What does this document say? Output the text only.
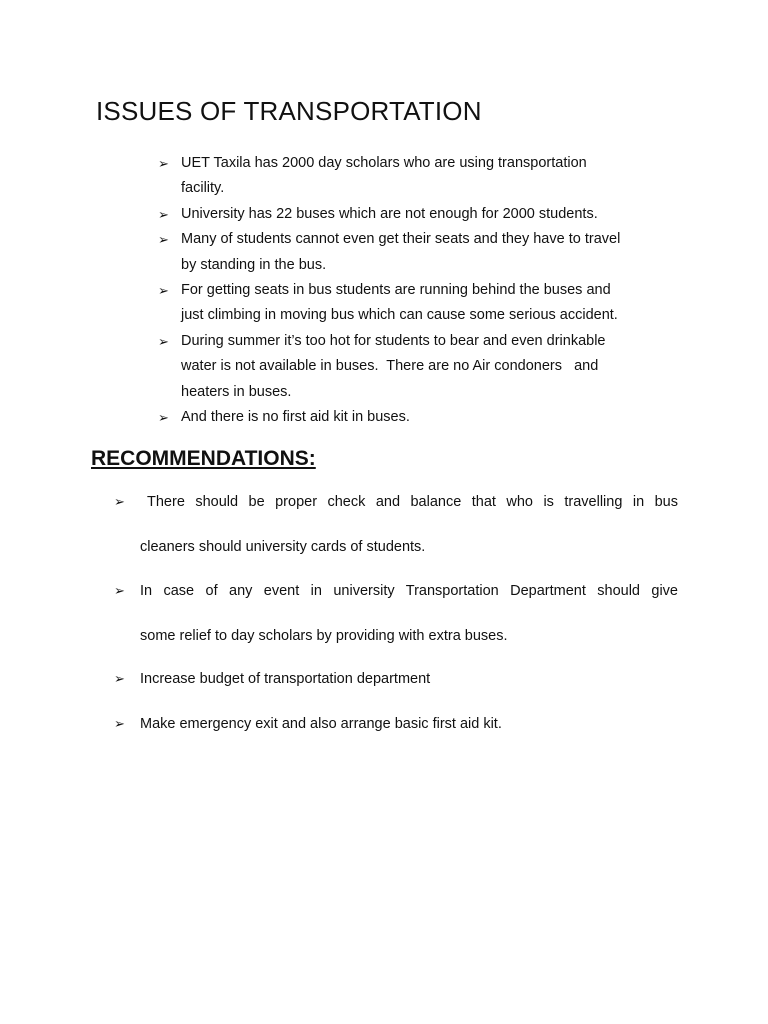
ISSUES OF TRANSPORTATION
➢ UET Taxila has 2000 day scholars who are using transportation
facility.
➢ University has 22 buses which are not enough for 2000 students.
➢ Many of students cannot even get their seats and they have to travel
by standing in the bus.
➢ For getting seats in bus students are running behind the buses and
just climbing in moving bus which can cause some serious accident.
➢ During summer it’s too hot for students to bear and even drinkable
water is not available in buses.  There are no Air condoners   and
heaters in buses.
➢ And there is no first aid kit in buses.
RECOMMENDATIONS:
➢	There should be proper check and balance that who is travelling in bus

cleaners should university cards of students.

➢	In case of any event in university Transportation Department should give

some relief to day scholars by providing with extra buses.

➢	Increase budget of transportation department

➢	Make emergency exit and also arrange basic first aid kit.
